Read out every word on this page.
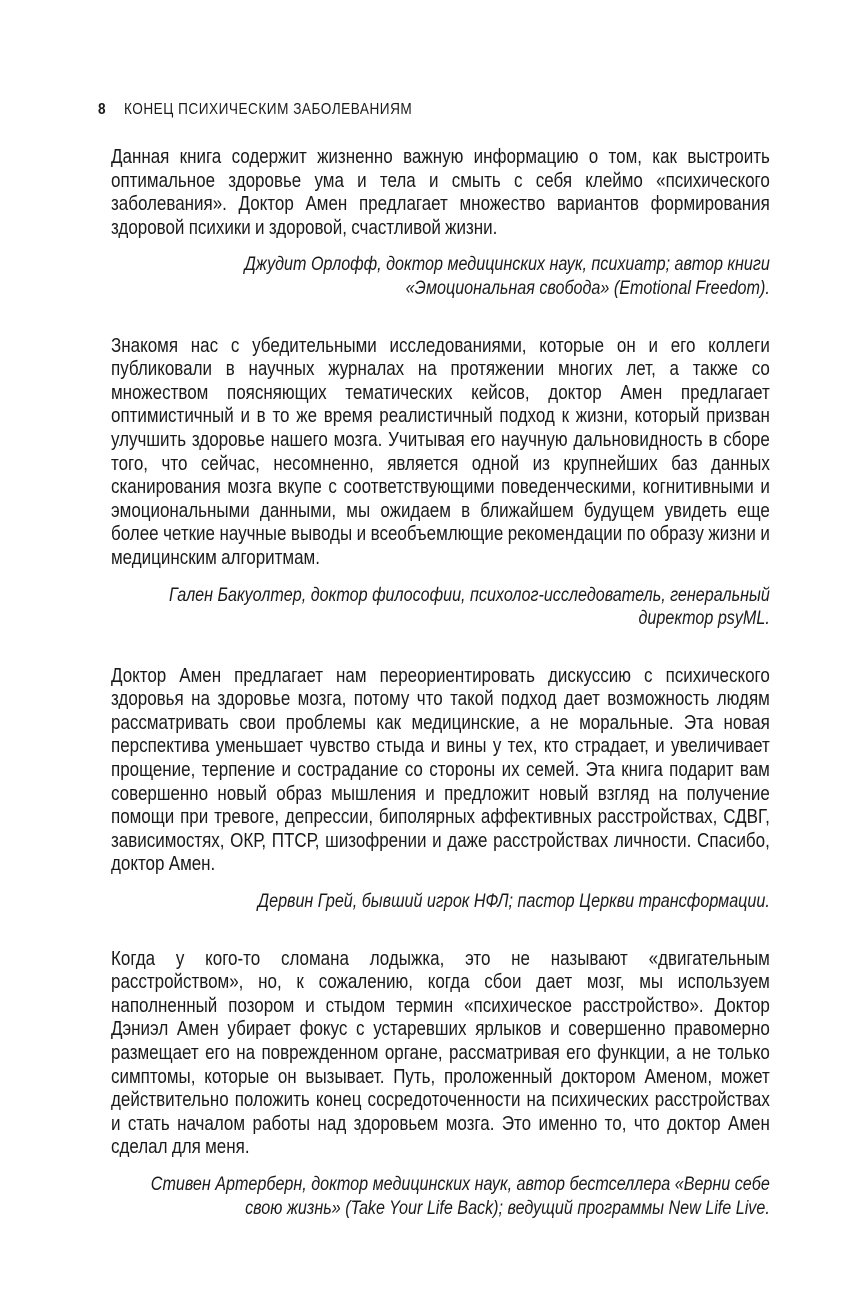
8 КОНЕЦ ПСИХИЧЕСКИМ ЗАБОЛЕВАНИЯМ

Данная книга содержит жизненно важную информацию о том, как выстроить оптимальное здоровье ума и тела и смыть с себя клеймо «психического заболевания». Доктор Амен предлагает множество вариантов формирования здоровой психики и здоровой, счастливой жизни.

Джудит Орлофф, доктор медицинских наук, психиатр; автор книги «Эмоциональная свобода» (Emotional Freedom).

Знакомя нас с убедительными исследованиями, которые он и его коллеги публиковали в научных журналах на протяжении многих лет, а также со множеством поясняющих тематических кейсов, доктор Амен предлагает оптимистичный и в то же время реалистичный подход к жизни, который призван улучшить здоровье нашего мозга. Учитывая его научную дальновидность в сборе того, что сейчас, несомненно, является одной из крупнейших баз данных сканирования мозга вкупе с соответствующими поведенческими, когнитивными и эмоциональными данными, мы ожидаем в ближайшем будущем увидеть еще более четкие научные выводы и всеобъемлющие рекомендации по образу жизни и медицинским алгоритмам.

Гален Бакуолтер, доктор философии, психолог-исследователь, генеральный директор psyML.

Доктор Амен предлагает нам переориентировать дискуссию с психического здоровья на здоровье мозга, потому что такой подход дает возможность людям рассматривать свои проблемы как медицинские, а не моральные. Эта новая перспектива уменьшает чувство стыда и вины у тех, кто страдает, и увеличивает прощение, терпение и сострадание со стороны их семей. Эта книга подарит вам совершенно новый образ мышления и предложит новый взгляд на получение помощи при тревоге, депрессии, биполярных аффективных расстройствах, СДВГ, зависимостях, ОКР, ПТСР, шизофрении и даже расстройствах личности. Спасибо, доктор Амен.

Дервин Грей, бывший игрок НФЛ; пастор Церкви трансформации.

Когда у кого-то сломана лодыжка, это не называют «двигательным расстройством», но, к сожалению, когда сбои дает мозг, мы используем наполненный позором и стыдом термин «психическое расстройство». Доктор Дэниэл Амен убирает фокус с устаревших ярлыков и совершенно правомерно размещает его на поврежденном органе, рассматривая его функции, а не только симптомы, которые он вызывает. Путь, проложенный доктором Аменом, может действительно положить конец сосредоточенности на психических расстройствах и стать началом работы над здоровьем мозга. Это именно то, что доктор Амен сделал для меня.

Стивен Артерберн, доктор медицинских наук, автор бестселлера «Верни себе свою жизнь» (Take Your Life Back); ведущий программы New Life Live.
